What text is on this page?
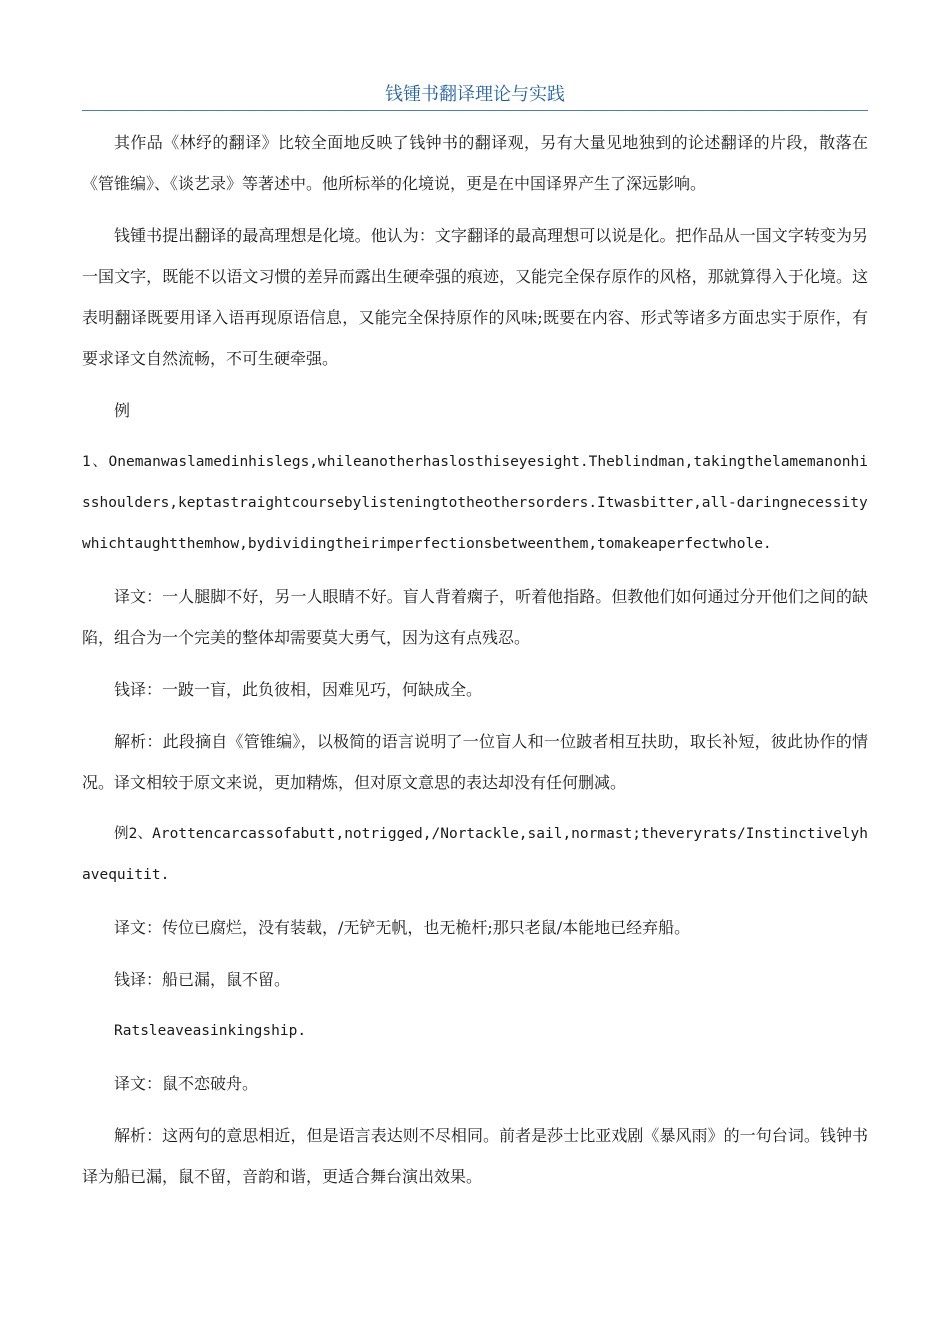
钱锺书翻译理论与实践

其作品《林纾的翻译》比较全面地反映了钱钟书的翻译观，另有大量见地独到的论述翻译的片段，散落在《管锥编》、《谈艺录》等著述中。他所标举的化境说，更是在中国译界产生了深远影响。

钱锺书提出翻译的最高理想是化境。他认为：文字翻译的最高理想可以说是化。把作品从一国文字转变为另一国文字，既能不以语文习惯的差异而露出生硬牵强的痕迹，又能完全保存原作的风格，那就算得入于化境。这表明翻译既要用译入语再现原语信息，又能完全保持原作的风味;既要在内容、形式等诸多方面忠实于原作，有要求译文自然流畅，不可生硬牵强。

例

1、Onemanwaslamedinhislegs,whileanotherhaslosthiseyesight.Theblindman,takingthelamemanonhisshoulders,keptastraightcoursebylisteningtotheothersorders.Itwasbitter,all-daringnecessitywhichtaughtthemhow,bydividingtheirimperfectionsbetweenthem,tomakeaperfectwhole.

译文：一人腿脚不好，另一人眼睛不好。盲人背着瘸子，听着他指路。但教他们如何通过分开他们之间的缺陷，组合为一个完美的整体却需要莫大勇气，因为这有点残忍。

钱译：一跛一盲，此负彼相，因难见巧，何缺成全。

解析：此段摘自《管锥编》，以极简的语言说明了一位盲人和一位跛者相互扶助，取长补短，彼此协作的情况。译文相较于原文来说，更加精炼，但对原文意思的表达却没有任何删减。

例2、Arottencarcassofabutt,notrigged,/Nortackle,sail,normast;theveryrats/Instinctivelyhavequitit.

译文：传位已腐烂，没有装载，/无铲无帆，也无桅杆;那只老鼠/本能地已经弃船。

钱译：船已漏，鼠不留。

Ratsleaveasinkingship.

译文：鼠不恋破舟。

解析：这两句的意思相近，但是语言表达则不尽相同。前者是莎士比亚戏剧《暴风雨》的一句台词。钱钟书译为船已漏，鼠不留，音韵和谐，更适合舞台演出效果。
